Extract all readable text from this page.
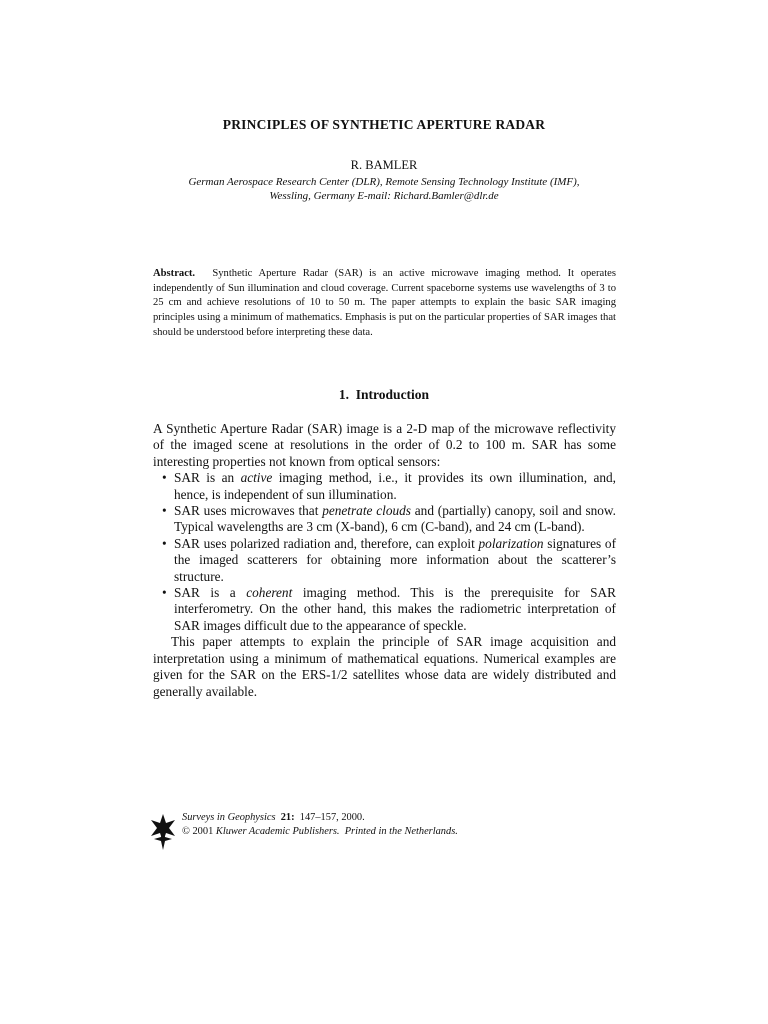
PRINCIPLES OF SYNTHETIC APERTURE RADAR
R. BAMLER
German Aerospace Research Center (DLR), Remote Sensing Technology Institute (IMF),
Wessling, Germany E-mail: Richard.Bamler@dlr.de
Abstract.   Synthetic Aperture Radar (SAR) is an active microwave imaging method. It operates independently of Sun illumination and cloud coverage. Current spaceborne systems use wavelengths of 3 to 25 cm and achieve resolutions of 10 to 50 m. The paper attempts to explain the basic SAR imaging principles using a minimum of mathematics. Emphasis is put on the particular properties of SAR images that should be understood before interpreting these data.
1. Introduction

A Synthetic Aperture Radar (SAR) image is a 2-D map of the microwave reflectivity of the imaged scene at resolutions in the order of 0.2 to 100 m. SAR has some interesting properties not known from optical sensors:

• SAR is an active imaging method, i.e., it provides its own illumination, and, hence, is independent of sun illumination.
• SAR uses microwaves that penetrate clouds and (partially) canopy, soil and snow. Typical wavelengths are 3 cm (X-band), 6 cm (C-band), and 24 cm (L-band).
• SAR uses polarized radiation and, therefore, can exploit polarization signatures of the imaged scatterers for obtaining more information about the scatterer’s structure.
• SAR is a coherent imaging method. This is the prerequisite for SAR interferometry. On the other hand, this makes the radiometric interpretation of SAR images difficult due to the appearance of speckle.

This paper attempts to explain the principle of SAR image acquisition and interpretation using a minimum of mathematical equations. Numerical examples are given for the SAR on the ERS-1/2 satellites whose data are widely distributed and generally available.

Surveys in Geophysics  21:  147–157, 2000.
© 2001 Kluwer Academic Publishers. Printed in the Netherlands.
